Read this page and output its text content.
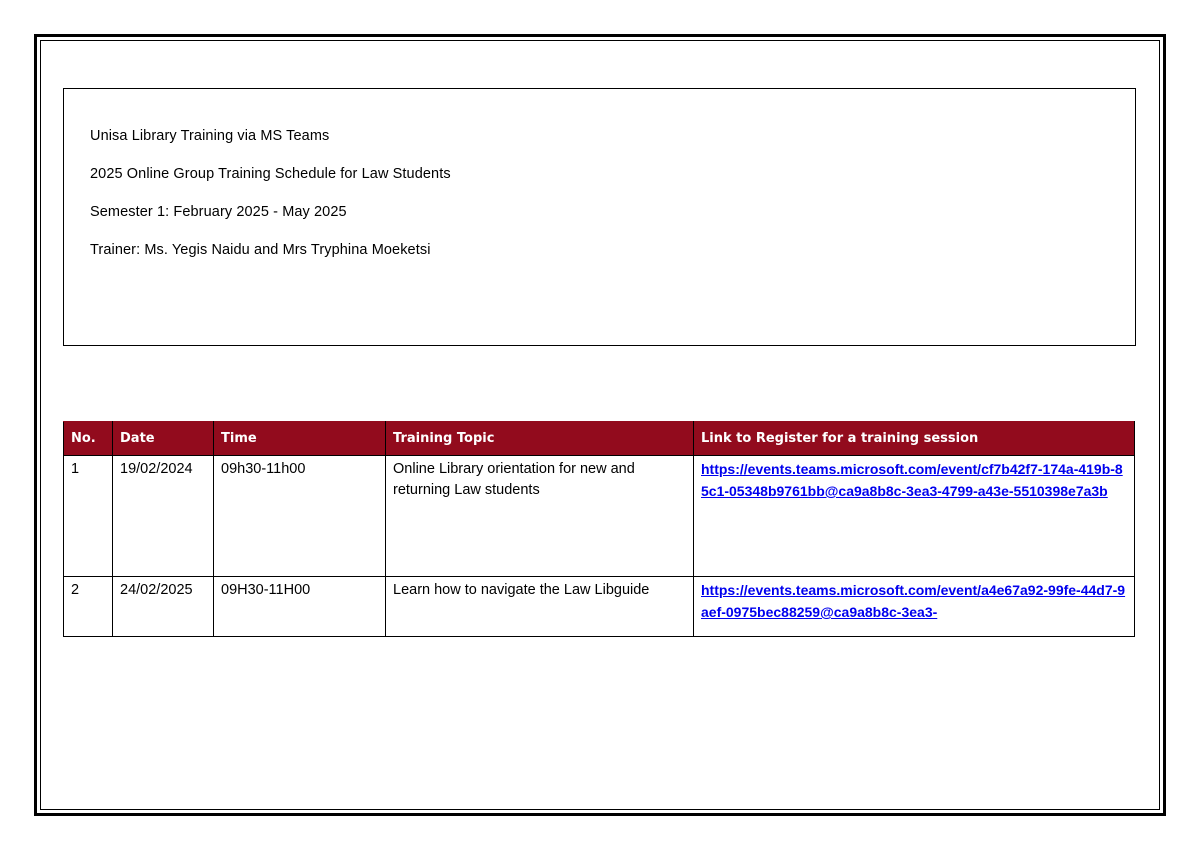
Unisa Library Training via MS Teams

2025 Online Group Training Schedule for Law Students

Semester 1: February 2025 - May 2025

Trainer: Ms. Yegis Naidu and Mrs Tryphina Moeketsi

No.	Date	Time	Training Topic	Link to Register for a training session
1	19/02/2024	09h30-11h00	Online Library orientation for new and returning Law students	https://events.teams.microsoft.com/event/cf7b42f7-174a-419b-85c1-05348b9761bb@ca9a8b8c-3ea3-4799-a43e-5510398e7a3b
2	24/02/2025	09H30-11H00	Learn how to navigate the Law Libguide	https://events.teams.microsoft.com/event/a4e67a92-99fe-44d7-9aef-0975bec88259@ca9a8b8c-3ea3-
